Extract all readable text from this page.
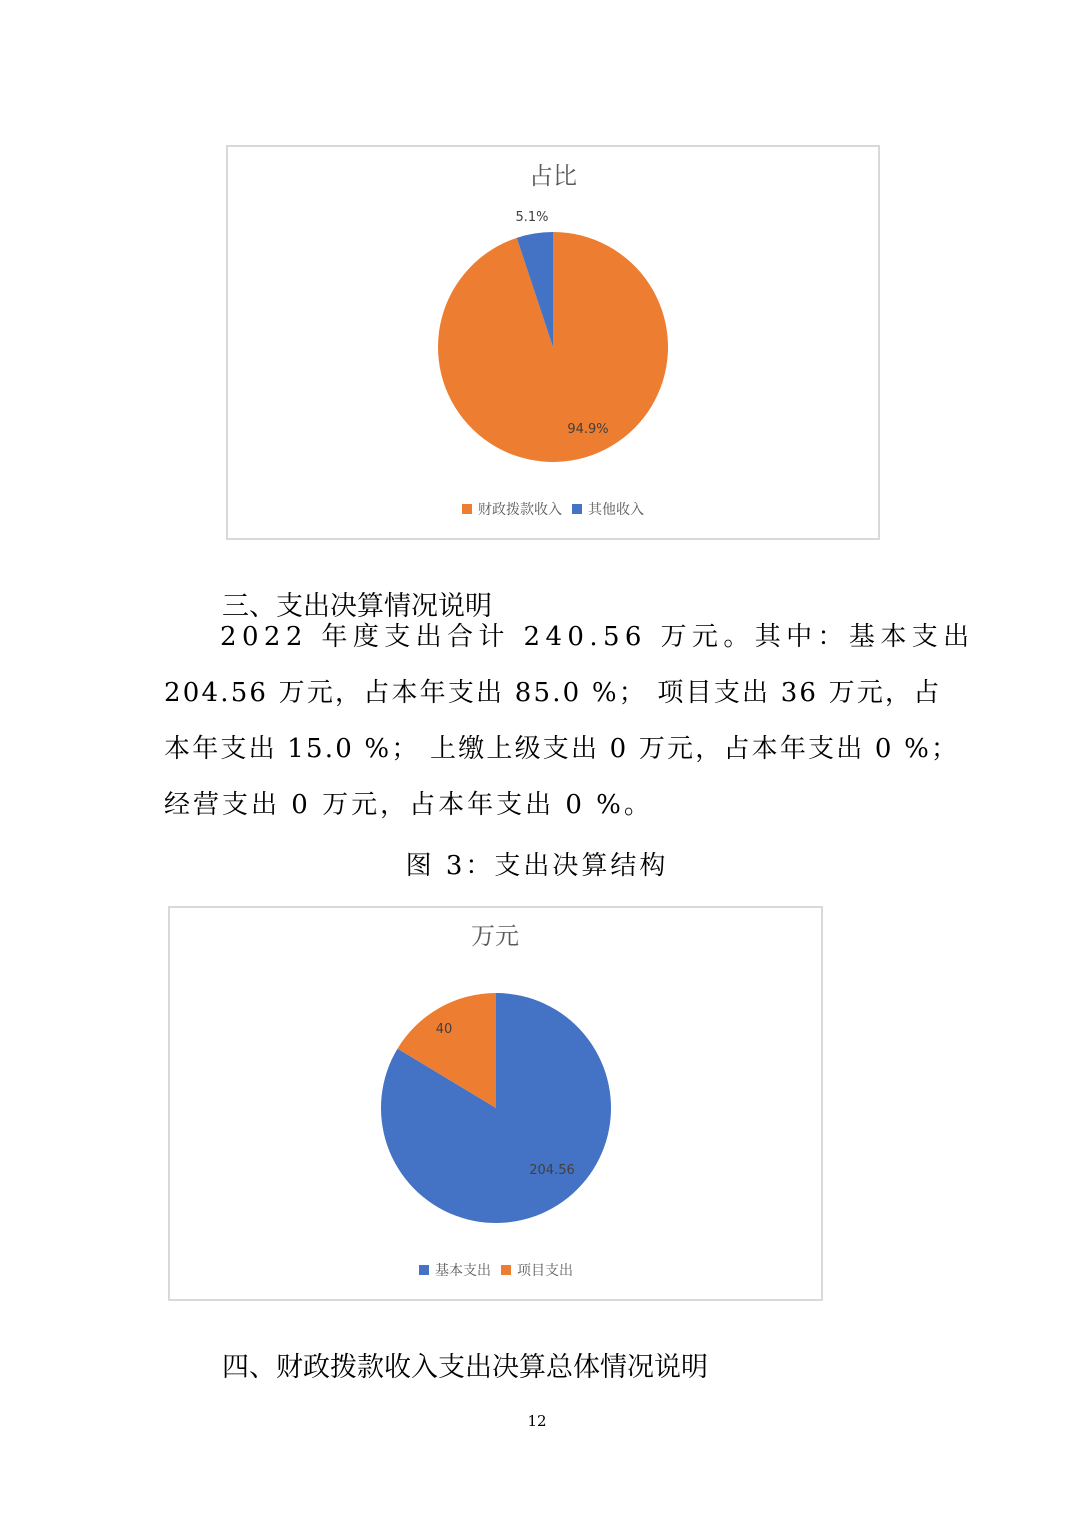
占比
94.9%
5.1%
财政拨款收入 其他收入
三、支出决算情况说明
2022 年度支出合计 240.56 万元。其中：基本支出
204.56 万元，占本年支出 85.0 %； 项目支出 36 万元，占
本年支出 15.0 %； 上缴上级支出 0 万元，占本年支出 0 %；
经营支出 0 万元，占本年支出 0 %。
图 3：支出决算结构
万元
204.56
40
基本支出 项目支出
四、财政拨款收入支出决算总体情况说明
12
